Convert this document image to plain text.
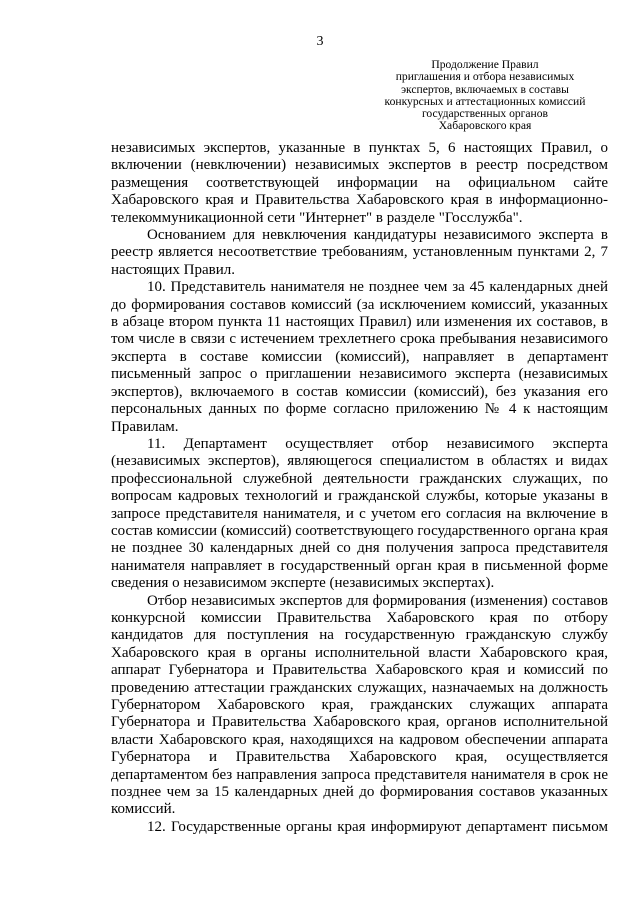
3
Продолжение Правил
приглашения и отбора независимых
экспертов, включаемых в составы
конкурсных и аттестационных комиссий
государственных органов
Хабаровского края

независимых экспертов, указанные в пунктах 5, 6 настоящих Правил, о включении (невключении) независимых экспертов в реестр посредством размещения соответствующей информации на официальном сайте Хабаровского края и Правительства Хабаровского края в информационно-телекоммуникационной сети "Интернет" в разделе "Госслужба".

Основанием для невключения кандидатуры независимого эксперта в реестр является несоответствие требованиям, установленным пунктами 2, 7 настоящих Правил.

10. Представитель нанимателя не позднее чем за 45 календарных дней до формирования составов комиссий (за исключением комиссий, указанных в абзаце втором пункта 11 настоящих Правил) или изменения их составов, в том числе в связи с истечением трехлетнего срока пребывания независимого эксперта в составе комиссии (комиссий), направляет в департамент письменный запрос о приглашении независимого эксперта (независимых экспертов), включаемого в состав комиссии (комиссий), без указания его персональных данных по форме согласно приложению № 4 к настоящим Правилам.

11. Департамент осуществляет отбор независимого эксперта (независимых экспертов), являющегося специалистом в областях и видах профессиональной служебной деятельности гражданских служащих, по вопросам кадровых технологий и гражданской службы, которые указаны в запросе представителя нанимателя, и с учетом его согласия на включение в состав комиссии (комиссий) соответствующего государственного органа края не позднее 30 календарных дней со дня получения запроса представителя нанимателя направляет в государственный орган края в письменной форме сведения о независимом эксперте (независимых экспертах).

Отбор независимых экспертов для формирования (изменения) составов конкурсной комиссии Правительства Хабаровского края по отбору кандидатов для поступления на государственную гражданскую службу Хабаровского края в органы исполнительной власти Хабаровского края, аппарат Губернатора и Правительства Хабаровского края и комиссий по проведению аттестации гражданских служащих, назначаемых на должность Губернатором Хабаровского края, гражданских служащих аппарата Губернатора и Правительства Хабаровского края, органов исполнительной власти Хабаровского края, находящихся на кадровом обеспечении аппарата Губернатора и Правительства Хабаровского края, осуществляется департаментом без направления запроса представителя нанимателя в срок не позднее чем за 15 календарных дней до формирования составов указанных комиссий.

12. Государственные органы края информируют департамент письмом
